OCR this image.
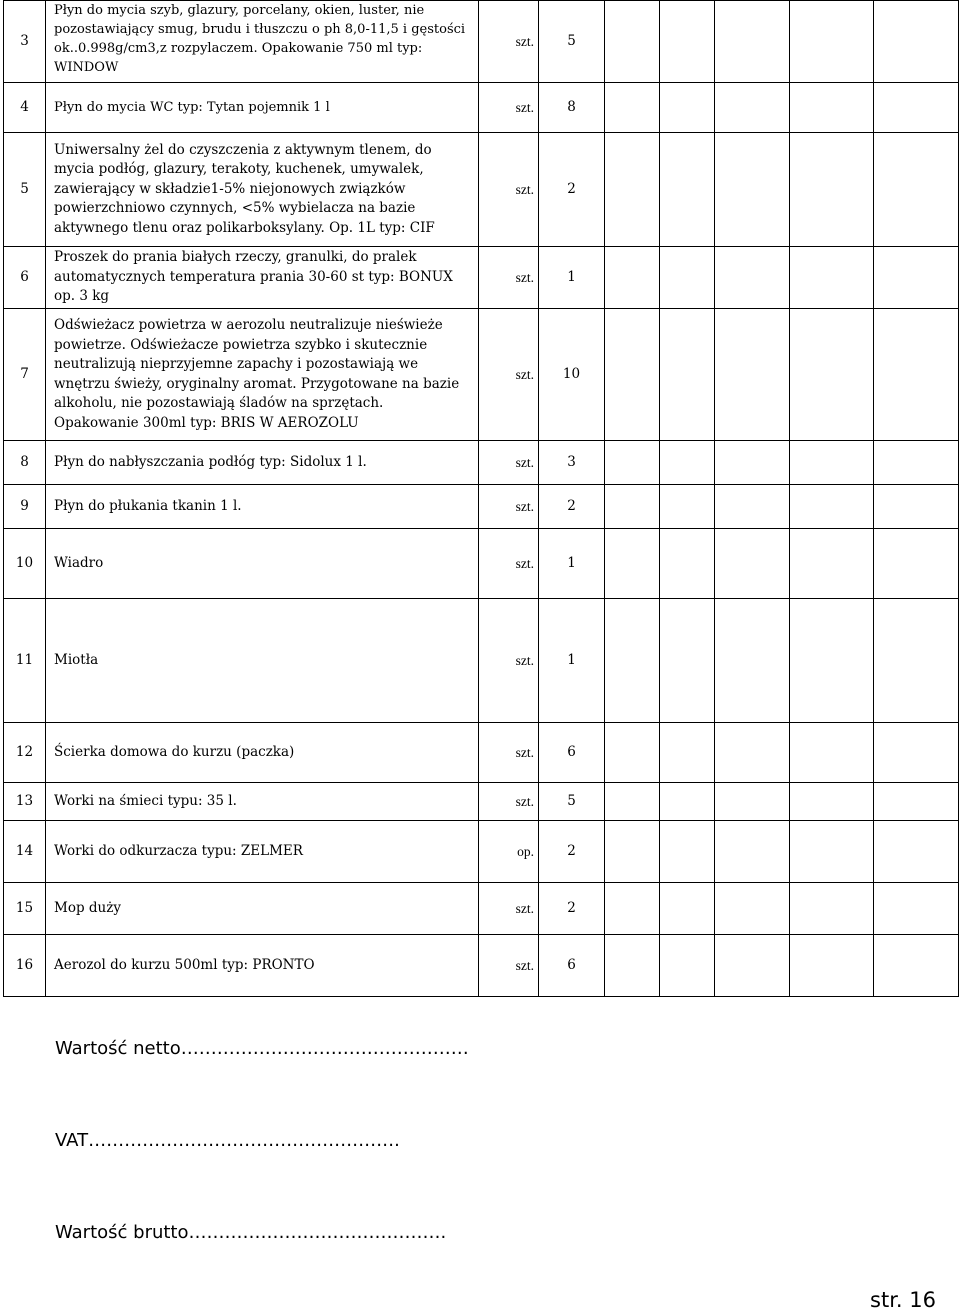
3	Płyn do mycia szyb, glazury, porcelany, okien, luster, nie pozostawiający smug, brudu i tłuszczu o ph 8,0-11,5 i gęstości ok..0.998g/cm3,z rozpylaczem. Opakowanie 750 ml typ: WINDOW	szt.	5					
4	Płyn do mycia WC typ: Tytan pojemnik 1 l	szt.	8					
5	Uniwersalny żel do czyszczenia z aktywnym tlenem, do mycia podłóg, glazury, terakoty, kuchenek, umywalek, zawierający w składzie1-5% niejonowych związków powierzchniowo czynnych, <5% wybielacza na bazie aktywnego tlenu oraz polikarboksylany. Op. 1L typ: CIF	szt.	2					
6	Proszek do prania białych rzeczy, granulki, do pralek automatycznych temperatura prania 30-60 st typ: BONUX op. 3 kg	szt.	1					
7	Odświeżacz powietrza w aerozolu neutralizuje nieświeże powietrze. Odświeżacze powietrza szybko i skutecznie neutralizują nieprzyjemne zapachy i pozostawiają we wnętrzu świeży, oryginalny aromat. Przygotowane na bazie alkoholu, nie pozostawiają śladów na sprzętach. Opakowanie 300ml typ: BRIS W AEROZOLU	szt.	10					
8	Płyn do nabłyszczania podłóg typ: Sidolux 1 l.	szt.	3					
9	Płyn do płukania tkanin 1 l.	szt.	2					
10	Wiadro	szt.	1					
11	Miotła	szt.	1					
12	Ścierka domowa do kurzu (paczka)	szt.	6					
13	Worki na śmieci typu: 35 l.	szt.	5					
14	Worki do odkurzacza typu: ZELMER	op.	2					
15	Mop duży	szt.	2					
16	Aerozol do kurzu 500ml typ: PRONTO	szt.	6					
Wartość netto…………………………………………
VAT…………………………………………….
Wartość brutto…………………………………….
str. 16
